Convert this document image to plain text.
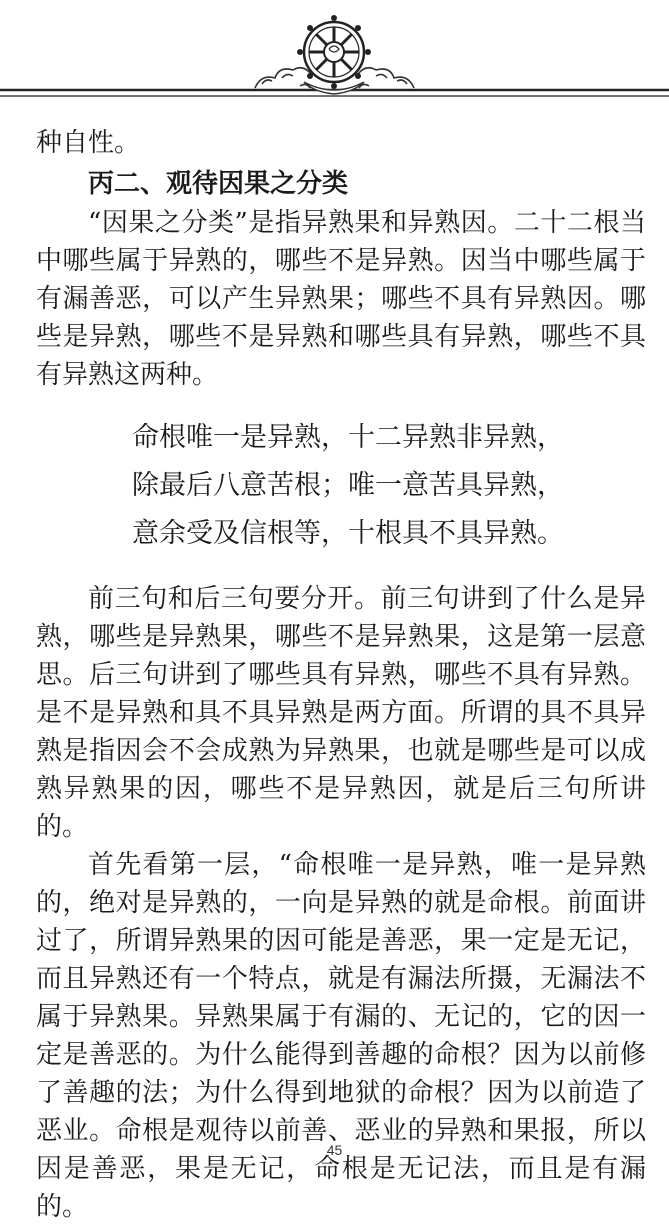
种自性。

丙二、观待因果之分类

“因果之分类”是指异熟果和异熟因。二十二根当中哪些属于异熟的，哪些不是异熟。因当中哪些属于有漏善恶，可以产生异熟果；哪些不具有异熟因。哪些是异熟，哪些不是异熟和哪些具有异熟，哪些不具有异熟这两种。

命根唯一是异熟，十二异熟非异熟，

除最后八意苦根；唯一意苦具异熟，

意余受及信根等，十根具不具异熟。

前三句和后三句要分开。前三句讲到了什么是异熟，哪些是异熟果，哪些不是异熟果，这是第一层意思。后三句讲到了哪些具有异熟，哪些不具有异熟。是不是异熟和具不具异熟是两方面。所谓的具不具异熟是指因会不会成熟为异熟果，也就是哪些是可以成熟异熟果的因，哪些不是异熟因，就是后三句所讲的。

首先看第一层，“命根唯一是异熟，唯一是异熟的，绝对是异熟的，一向是异熟的就是命根。前面讲过了，所谓异熟果的因可能是善恶，果一定是无记，而且异熟还有一个特点，就是有漏法所摄，无漏法不属于异熟果。异熟果属于有漏的、无记的，它的因一定是善恶的。为什么能得到善趣的命根？因为以前修了善趣的法；为什么得到地狱的命根？因为以前造了恶业。命根是观待以前善、恶业的异熟和果报，所以因是善恶，果是无记，命根是无记法，而且是有漏的。

45
